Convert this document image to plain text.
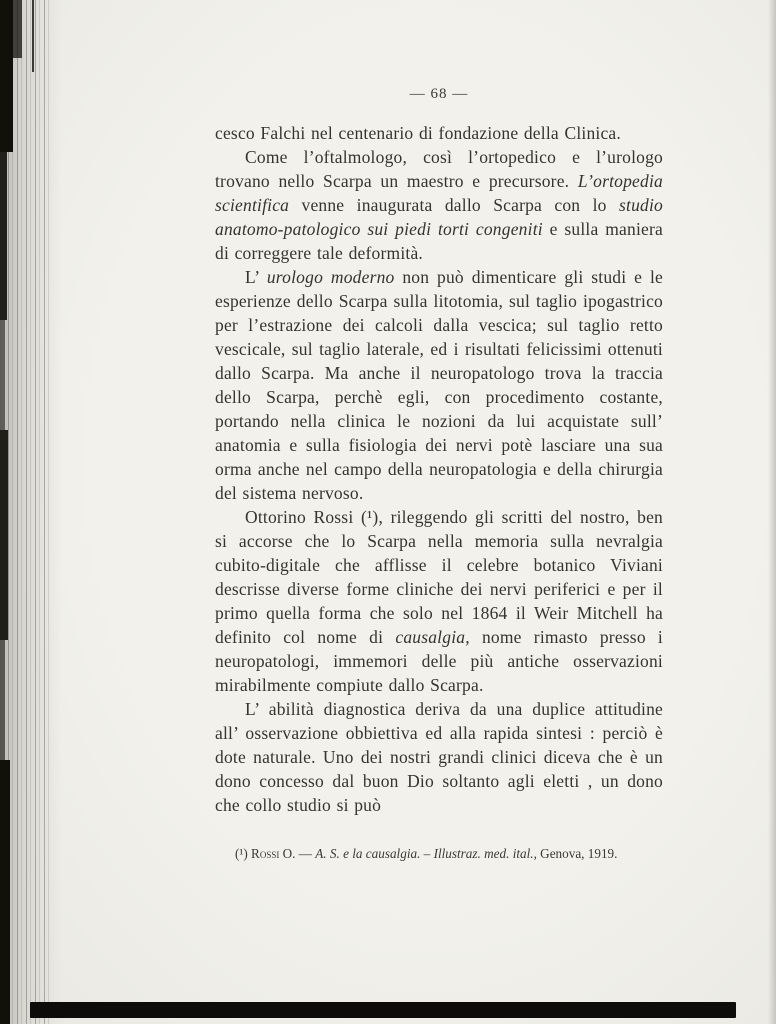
— 68 —

cesco Falchi nel centenario di fondazione della Clinica.

Come l’oftalmologo, così l’ortopedico e l’urologo trovano nello Scarpa un maestro e precursore. L’ortopedia scientifica venne inaugurata dallo Scarpa con lo studio anatomo-patologico sui piedi torti congeniti e sulla maniera di correggere tale deformità.

L’ urologo moderno non può dimenticare gli studi e le esperienze dello Scarpa sulla litotomia, sul taglio ipogastrico per l’estrazione dei calcoli dalla vescica; sul taglio retto vescicale, sul taglio laterale, ed i risultati felicissimi ottenuti dallo Scarpa. Ma anche il neuropatologo trova la traccia dello Scarpa, perchè egli, con procedimento costante, portando nella clinica le nozioni da lui acquistate sull’ anatomia e sulla fisiologia dei nervi potè lasciare una sua orma anche nel campo della neuropatologia e della chirurgia del sistema nervoso.

Ottorino Rossi (¹), rileggendo gli scritti del nostro, ben si accorse che lo Scarpa nella memoria sulla nevralgia cubito-digitale che afflisse il celebre botanico Viviani descrisse diverse forme cliniche dei nervi periferici e per il primo quella forma che solo nel 1864 il Weir Mitchell ha definito col nome di causalgia, nome rimasto presso i neuropatologi, immemori delle più antiche osservazioni mirabilmente compiute dallo Scarpa.

L’ abilità diagnostica deriva da una duplice attitudine all’ osservazione obbiettiva ed alla rapida sintesi : perciò è dote naturale. Uno dei nostri grandi clinici diceva che è un dono concesso dal buon Dio soltanto agli eletti , un dono che collo studio si può

(¹) Rossi O. — A. S. e la causalgia. – Illustraz. med. ital., Genova, 1919.
